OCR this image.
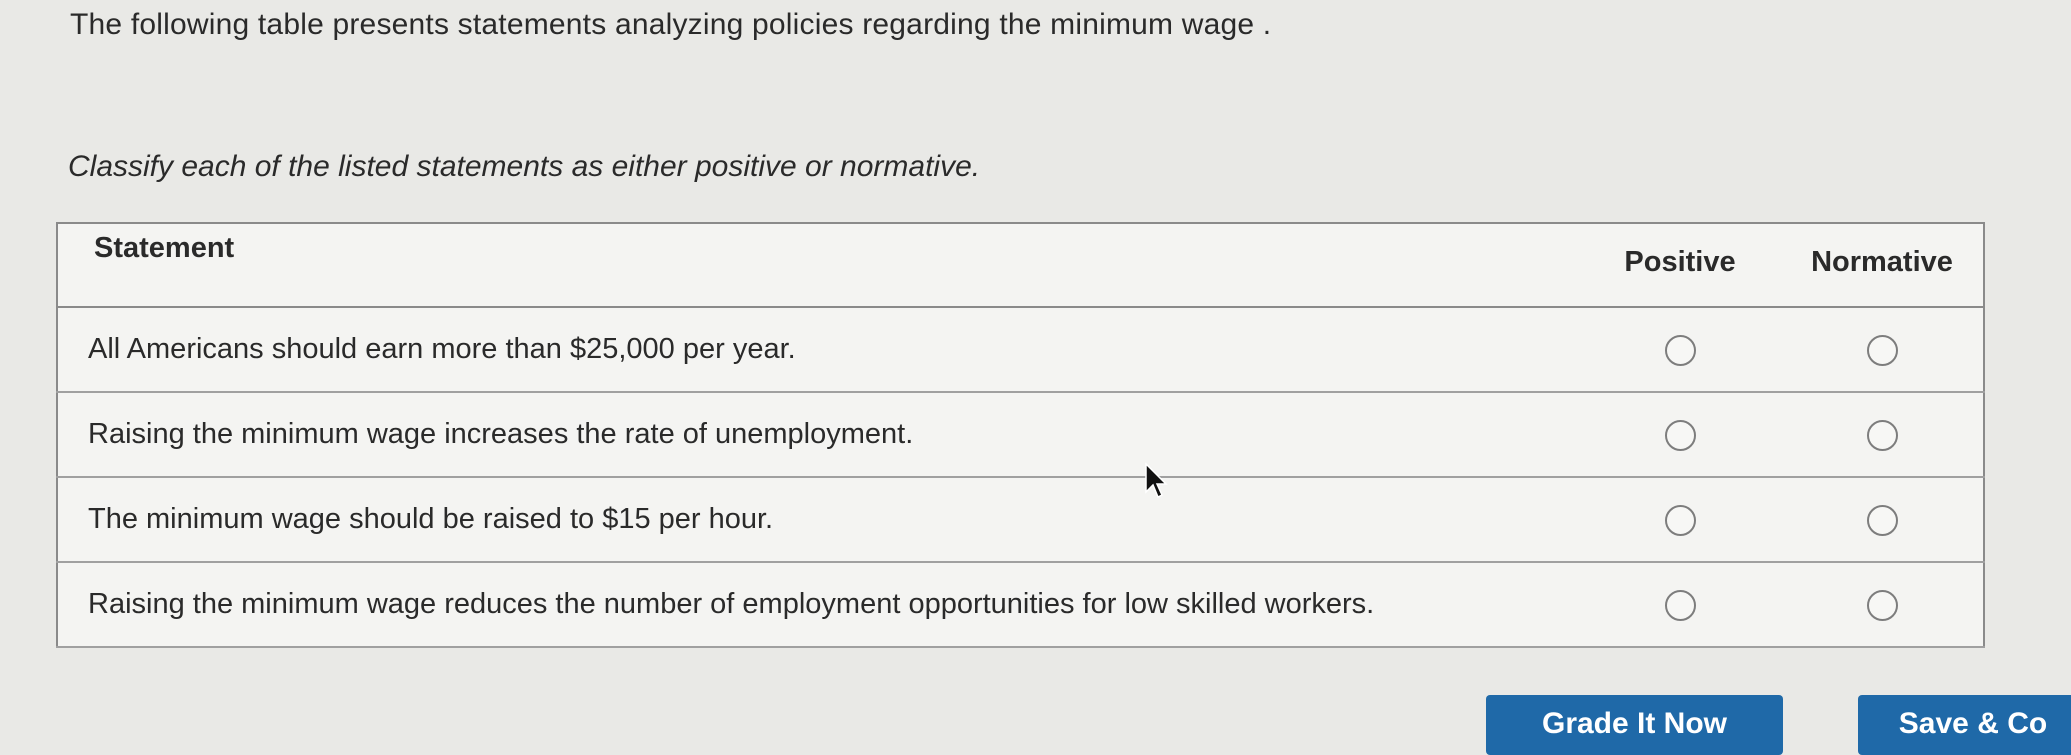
The following table presents statements analyzing policies regarding the minimum wage .
Classify each of the listed statements as either positive or normative.
Statement	Positive	Normative
All Americans should earn more than $25,000 per year.		
Raising the minimum wage increases the rate of unemployment.		
The minimum wage should be raised to $15 per hour.		
Raising the minimum wage reduces the number of employment opportunities for low skilled workers.		
Grade It Now	Save & Co
